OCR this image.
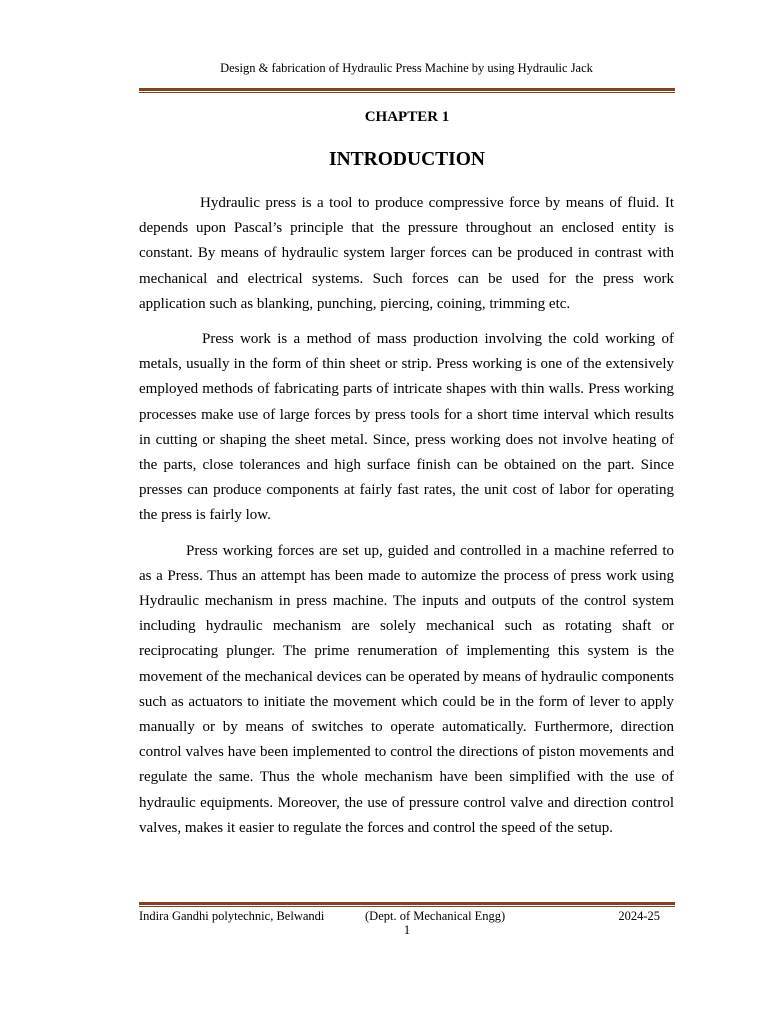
Design & fabrication of Hydraulic Press Machine by using Hydraulic Jack
CHAPTER 1
INTRODUCTION

Hydraulic press is a tool to produce compressive force by means of fluid. It depends upon Pascal’s principle that the pressure throughout an enclosed entity is constant. By means of hydraulic system larger forces can be produced in contrast with mechanical and electrical systems. Such forces can be used for the press work application such as blanking, punching, piercing, coining, trimming etc.

Press work is a method of mass production involving the cold working of metals, usually in the form of thin sheet or strip. Press working is one of the extensively employed methods of fabricating parts of intricate shapes with thin walls. Press working processes make use of large forces by press tools for a short time interval which results in cutting or shaping the sheet metal. Since, press working does not involve heating of the parts, close tolerances and high surface finish can be obtained on the part. Since presses can produce components at fairly fast rates, the unit cost of labor for operating the press is fairly low.

Press working forces are set up, guided and controlled in a machine referred to as a Press. Thus an attempt has been made to automize the process of press work using Hydraulic mechanism in press machine. The inputs and outputs of the control system including hydraulic mechanism are solely mechanical such as rotating shaft or reciprocating plunger. The prime renumeration of implementing this system is the movement of the mechanical devices can be operated by means of hydraulic components such as actuators to initiate the movement which could be in the form of lever to apply manually or by means of switches to operate automatically. Furthermore, direction control valves have been implemented to control the directions of piston movements and regulate the same. Thus the whole mechanism have been simplified with the use of hydraulic equipments. Moreover, the use of pressure control valve and direction control valves, makes it easier to regulate the forces and control the speed of the setup.

Indira Gandhi polytechnic, Belwandi	(Dept. of Mechanical Engg)	2024-25
1
